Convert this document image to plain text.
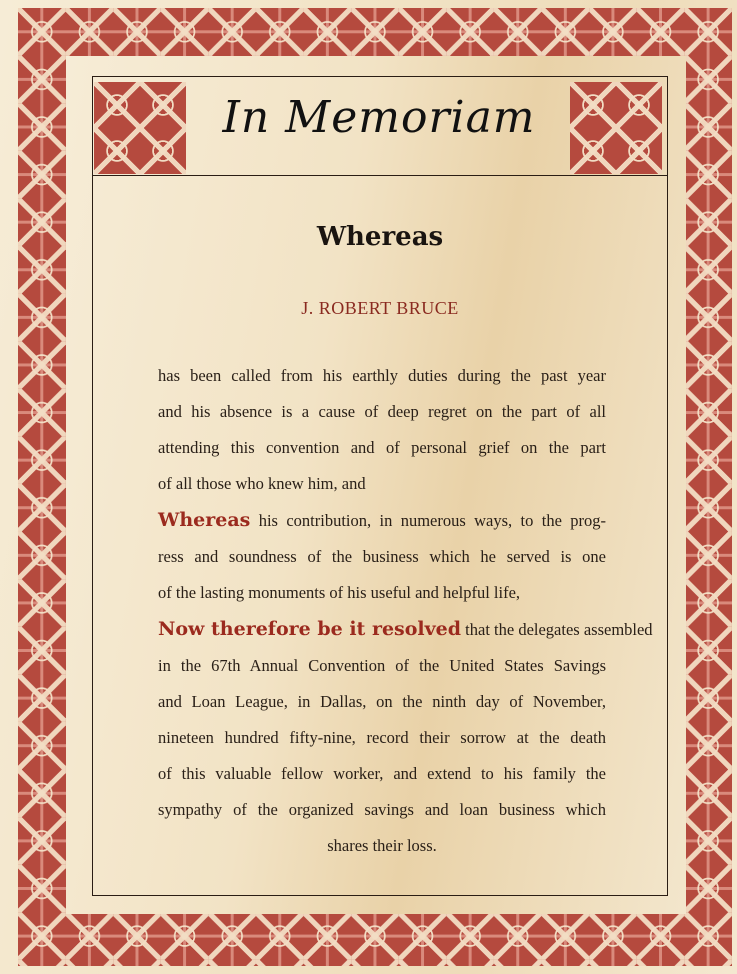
In Memoriam
Whereas
J. ROBERT BRUCE
has been called from his earthly duties during the past year
and his absence is a cause of deep regret on the part of all
attending this convention and of personal grief on the part
of all those who knew him, and
Whereas his contribution, in numerous ways, to the prog-
ress and soundness of the business which he served is one
of the lasting monuments of his useful and helpful life,
Now therefore be it resolved that the delegates assembled
in the 67th Annual Convention of the United States Savings
and Loan League, in Dallas, on the ninth day of November,
nineteen hundred fifty-nine, record their sorrow at the death
of this valuable fellow worker, and extend to his family the
sympathy of the organized savings and loan business which
shares their loss.
